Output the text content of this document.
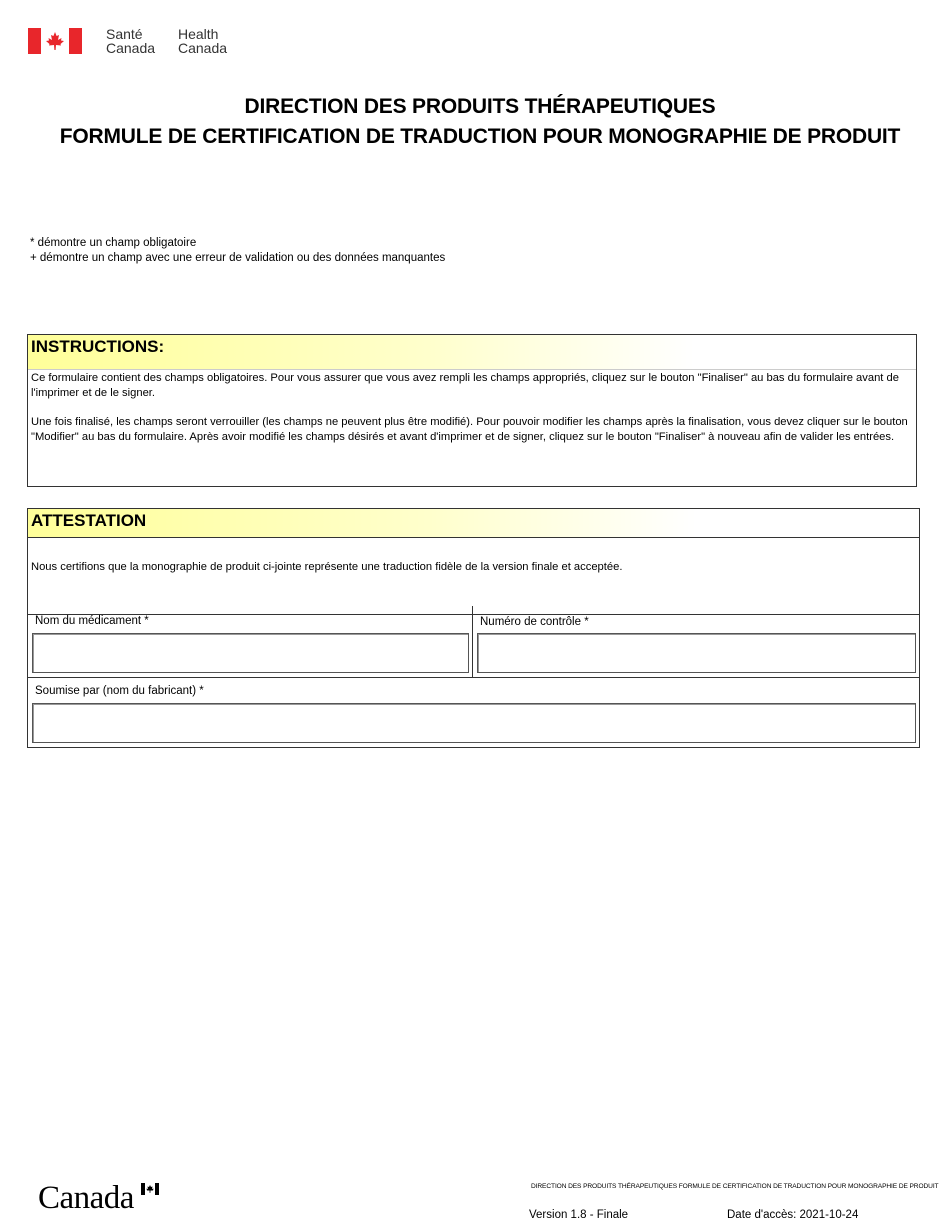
Santé
Canada
Health
Canada
DIRECTION DES PRODUITS THÉRAPEUTIQUES
FORMULE DE CERTIFICATION DE TRADUCTION POUR MONOGRAPHIE DE PRODUIT
* démontre un champ obligatoire
+ démontre un champ avec une erreur de validation ou des données manquantes
INSTRUCTIONS:

Ce formulaire contient des champs obligatoires. Pour vous assurer que vous avez rempli les champs appropriés, cliquez sur le bouton "Finaliser" au bas du formulaire avant de l'imprimer et de le signer.

Une fois finalisé, les champs seront verrouiller (les champs ne peuvent plus être modifié). Pour pouvoir modifier les champs après la finalisation, vous devez cliquer sur le bouton "Modifier" au bas du formulaire. Après avoir modifié les champs désirés et avant d'imprimer et de signer, cliquez sur le bouton "Finaliser" à nouveau afin de valider les entrées.

ATTESTATION
Nous certifions que la monographie de produit ci-jointe représente une traduction fidèle de la version finale et acceptée.
Nom du médicament *	Numéro de contrôle *
Soumise par (nom du fabricant) *
Canada	DIRECTION DES PRODUITS THÉRAPEUTIQUES FORMULE DE CERTIFICATION DE TRADUCTION POUR MONOGRAPHIE DE PRODUIT
Version 1.8 - Finale	Date d'accès: 2021-10-24
